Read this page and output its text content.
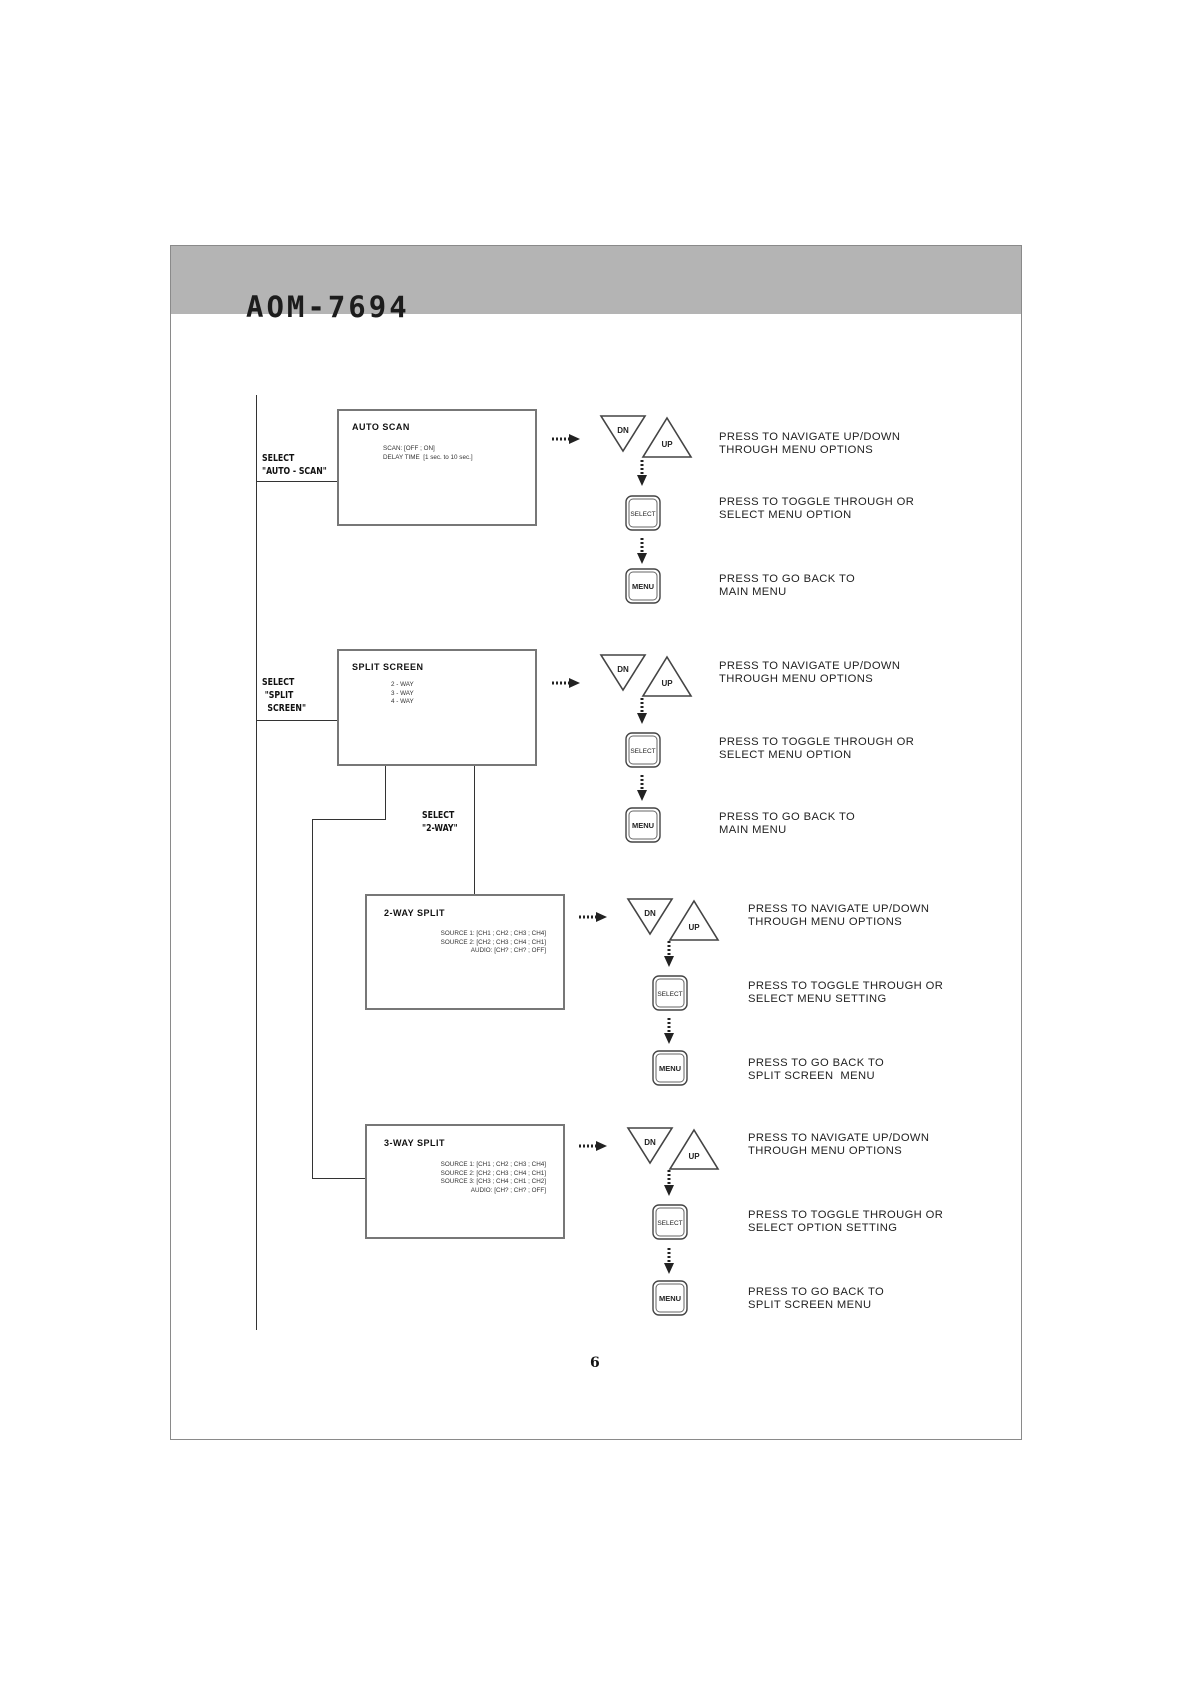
AOM-7694
SELECT
"AUTO - SCAN"
AUTO SCAN
SCAN: [OFF ; ON]
DELAY TIME  [1 sec. to 10 sec.]
SELECT
"SPLIT
SCREEN"
SPLIT SCREEN
2 - WAY
3 - WAY
4 - WAY
SELECT
"2-WAY"
2-WAY SPLIT
SOURCE 1: [CH1 ; CH2 ; CH3 ; CH4]
SOURCE 2: [CH2 ; CH3 ; CH4 ; CH1]
AUDIO: [CH? ; CH? ; OFF]
3-WAY SPLIT
SOURCE 1: [CH1 ; CH2 ; CH3 ; CH4]
SOURCE 2: [CH2 ; CH3 ; CH4 ; CH1]
SOURCE 3: [CH3 ; CH4 ; CH1 ; CH2]
AUDIO: [CH? ; CH? ; OFF]
DN
UP
SELECT
MENU
PRESS TO NAVIGATE UP/DOWN
THROUGH MENU OPTIONS
PRESS TO TOGGLE THROUGH OR
SELECT MENU OPTION
PRESS TO GO BACK TO
MAIN MENU
DN
UP
SELECT
MENU
PRESS TO NAVIGATE UP/DOWN
THROUGH MENU OPTIONS
PRESS TO TOGGLE THROUGH OR
SELECT MENU OPTION
PRESS TO GO BACK TO
MAIN MENU
DN
UP
SELECT
MENU
PRESS TO NAVIGATE UP/DOWN
THROUGH MENU OPTIONS
PRESS TO TOGGLE THROUGH OR
SELECT MENU SETTING
PRESS TO GO BACK TO
SPLIT SCREEN  MENU
DN
UP
SELECT
MENU
PRESS TO NAVIGATE UP/DOWN
THROUGH MENU OPTIONS
PRESS TO TOGGLE THROUGH OR
SELECT OPTION SETTING
PRESS TO GO BACK TO
SPLIT SCREEN MENU
6
